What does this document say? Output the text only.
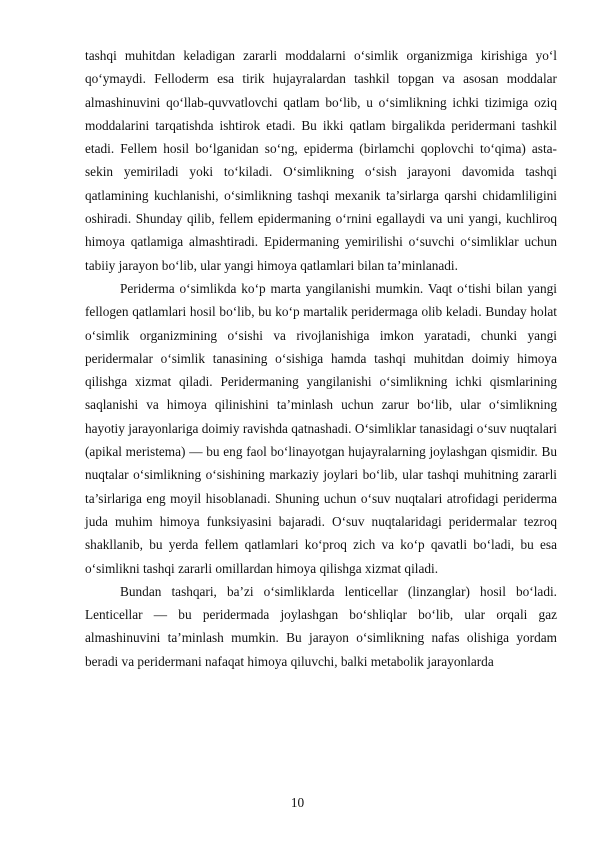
tashqi muhitdan keladigan zararli moddalarni o‘simlik organizmiga kirishiga yo‘l qo‘ymaydi. Felloderm esa tirik hujayralardan tashkil topgan va asosan moddalar almashinuvini qo‘llab-quvvatlovchi qatlam bo‘lib, u o‘simlikning ichki tizimiga oziq moddalarini tarqatishda ishtirok etadi. Bu ikki qatlam birgalikda peridermani tashkil etadi. Fellem hosil bo‘lganidan so‘ng, epiderma (birlamchi qoplovchi to‘qima) asta-sekin yemiriladi yoki to‘kiladi. O‘simlikning o‘sish jarayoni davomida tashqi qatlamining kuchlanishi, o‘simlikning tashqi mexanik ta’sirlarga qarshi chidamliligini oshiradi. Shunday qilib, fellem epidermaning o‘rnini egallaydi va uni yangi, kuchliroq himoya qatlamiga almashtiradi. Epidermaning yemirilishi o‘suvchi o‘simliklar uchun tabiiy jarayon bo‘lib, ular yangi himoya qatlamlari bilan ta’minlanadi.

Periderma o‘simlikda ko‘p marta yangilanishi mumkin. Vaqt o‘tishi bilan yangi fellogen qatlamlari hosil bo‘lib, bu ko‘p martalik peridermaga olib keladi. Bunday holat o‘simlik organizmining o‘sishi va rivojlanishiga imkon yaratadi, chunki yangi peridermalar o‘simlik tanasining o‘sishiga hamda tashqi muhitdan doimiy himoya qilishga xizmat qiladi. Peridermaning yangilanishi o‘simlikning ichki qismlarining saqlanishi va himoya qilinishini ta’minlash uchun zarur bo‘lib, ular o‘simlikning hayotiy jarayonlariga doimiy ravishda qatnashadi. O‘simliklar tanasidagi o‘suv nuqtalari (apikal meristema) — bu eng faol bo‘linayotgan hujayralarning joylashgan qismidir. Bu nuqtalar o‘simlikning o‘sishining markaziy joylari bo‘lib, ular tashqi muhitning zararli ta’sirlariga eng moyil hisoblanadi. Shuning uchun o‘suv nuqtalari atrofidagi periderma juda muhim himoya funksiyasini bajaradi. O‘suv nuqtalaridagi peridermalar tezroq shakllanib, bu yerda fellem qatlamlari ko‘proq zich va ko‘p qavatli bo‘ladi, bu esa o‘simlikni tashqi zararli omillardan himoya qilishga xizmat qiladi.

Bundan tashqari, ba’zi o‘simliklarda lenticellar (linzanglar) hosil bo‘ladi. Lenticellar — bu peridermada joylashgan bo‘shliqlar bo‘lib, ular orqali gaz almashinuvini ta’minlash mumkin. Bu jarayon o‘simlikning nafas olishiga yordam beradi va peridermani nafaqat himoya qiluvchi, balki metabolik jarayonlarda

10
